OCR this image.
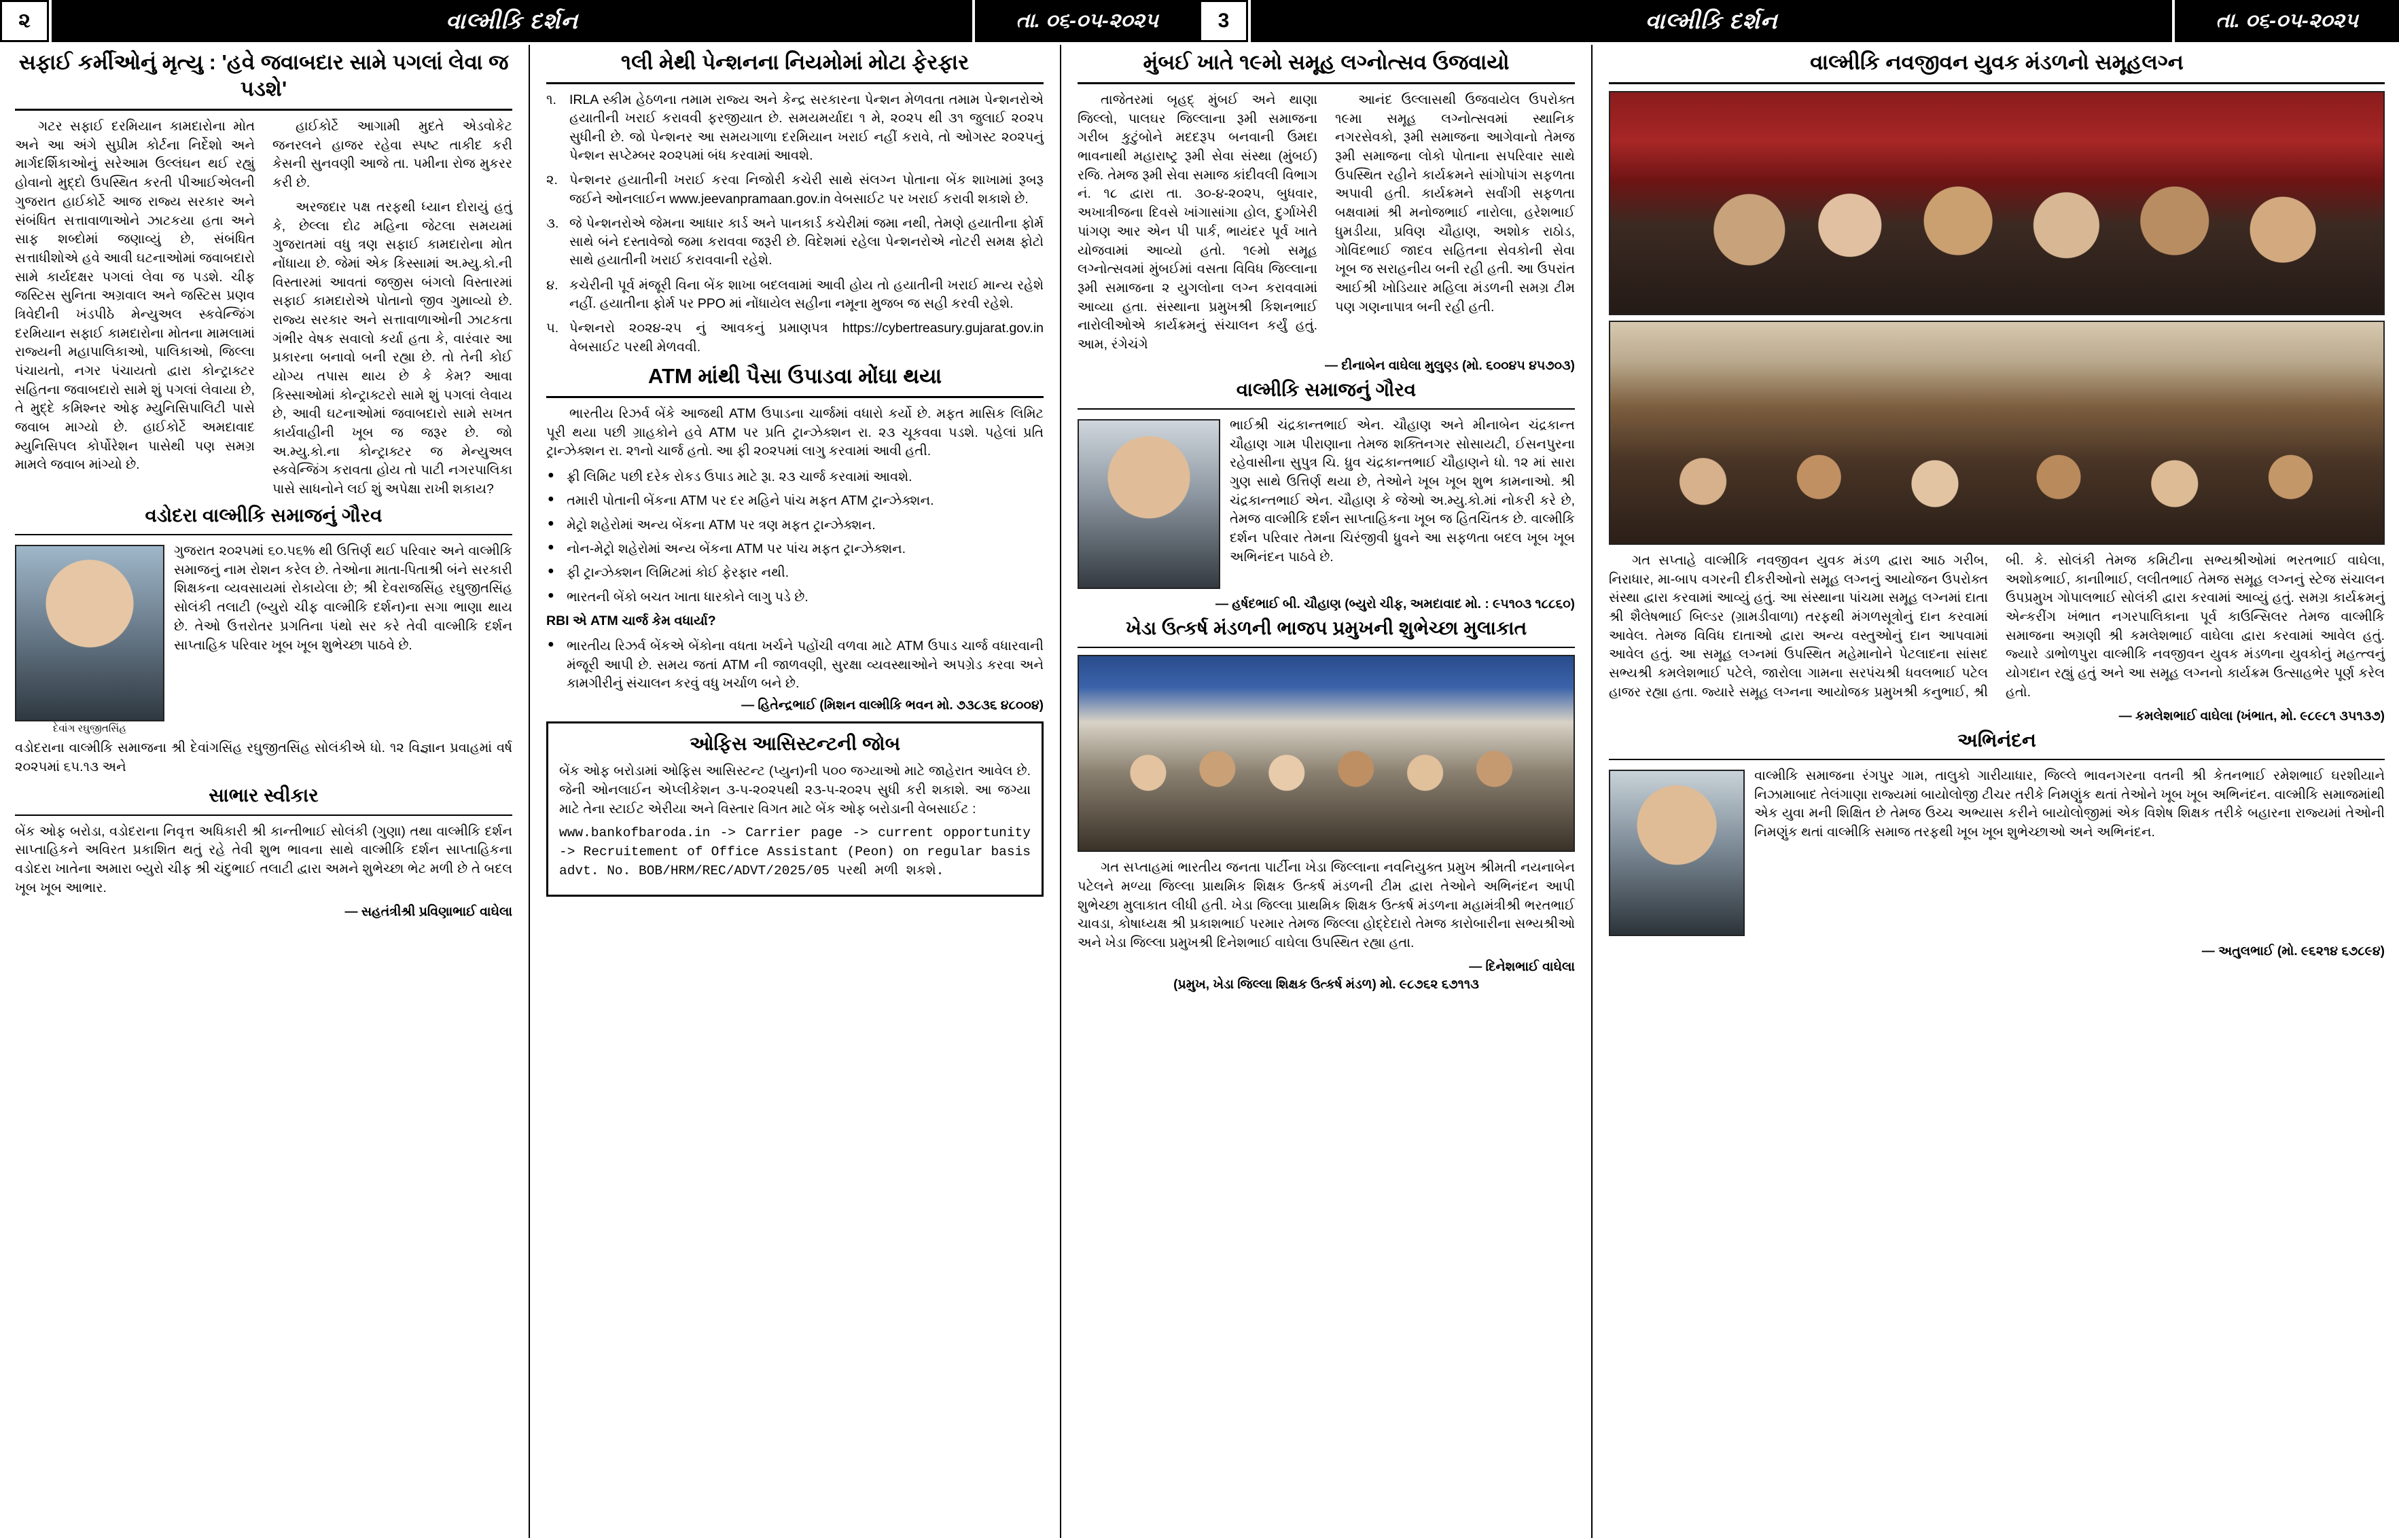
૨	વાલ્મીકિ દર્શન	તા. ૦૬-૦૫-૨૦૨૫	3	વાલ્મીકિ દર્શન	તા. ૦૬-૦૫-૨૦૨૫
સફાઈ કર્મીઓનું મૃત્યુ : 'હવે જવાબદાર સામે પગલાં લેવા જ પડશે'

ગટર સફાઈ દરમિયાન કામદારોના મોત અને આ અંગે સુપ્રીમ કોર્ટના નિર્દેશો અને માર્ગદર્શિકાઓનું સરેઆમ ઉલ્લંઘન થઈ રહ્યું હોવાનો મુદ્દો ઉપસ્થિત કરતી પીઆઈએલની ગુજરાત હાઈકોર્ટે આજ રાજ્ય સરકાર અને સંબંધિત સત્તાવાળાઓને ઝાટકયા હતા અને સાફ શબ્દોમાં જણાવ્યું છે, સંબંધિત સત્તાધીશોએ હવે આવી ઘટનાઓમાં જવાબદારો સામે કાર્યદક્ષર પગલાં લેવા જ પડશે. ચીફ જસ્ટિસ સુનિતા અગ્રવાલ અને જસ્ટિસ પ્રણવ ત્રિવેદીની ખંડપીઠે મેન્યુઅલ સ્કવેન્જિંગ દરમિયાન સફાઈ કામદારોના મોતના મામલામાં રાજ્યની મહાપાલિકાઓ, પાલિકાઓ, જિલ્લા પંચાયતો, નગર પંચાયતો દ્વારા કોન્ટ્રાક્ટર સહિતના જવાબદારો સામે શું પગલાં લેવાયા છે, તે મુદ્દે કમિશ્નર ઓફ મ્યુનિસિપાલિટી પાસે જવાબ માગ્યો છે. હાઈકોર્ટે અમદાવાદ મ્યુનિસિપલ કોર્પોરેશન પાસેથી પણ સમગ્ર મામલે જવાબ માંગ્યો છે.

હાઈકોર્ટે આગામી મુદતે એડવોકેટ જનરલને હાજર રહેવા સ્પષ્ટ તાકીદ કરી કેસની સુનવણી આજે તા. પમીના રોજ મુકરર કરી છે.

અરજદાર પક્ષ તરફથી ધ્યાન દોરાયું હતું કે, છેલ્લા દોઢ મહિના જેટલા સમયમાં ગુજરાતમાં વધુ ત્રણ સફાઈ કામદારોના મોત નોંધાયા છે. જેમાં એક કિસ્સામાં અ.મ્યુ.કો.ની વિસ્તારમાં આવતાં જજીસ બંગલો વિસ્તારમાં સફાઈ કામદારોએ પોતાનો જીવ ગુમાવ્યો છે. રાજ્ય સરકાર અને સત્તાવાળાઓની ઝાટકતા ગંભીર વેષક સવાલો કર્યા હતા કે, વારંવાર આ પ્રકારના બનાવો બની રહ્યા છે. તો તેની કોઈ યોગ્ય તપાસ થાય છે કે કેમ? આવા કિસ્સાઓમાં કોન્ટ્રાક્ટરો સામે શું પગલાં લેવાય છે, આવી ઘટનાઓમાં જવાબદારો સામે સખત કાર્યવાહીની ખૂબ જ જરૂર છે. જો અ.મ્યુ.કો.ના કોન્ટ્રાક્ટર જ મેન્યુઅલ સ્કવેન્જિંગ કરાવતા હોય તો પાટી નગરપાલિકા પાસે સાધનોને લઈ શું અપેક્ષા રાખી શકાય?

વડોદરા વાલ્મીકિ સમાજનું ગૌરવ
દેવાંગ રઘુજીતસિંહ

ગુજરાત ૨૦૨૫માં ૬૦.૫૬% થી ઉત્તિર્ણ થઈ પરિવાર અને વાલ્મીકિ સમાજનું નામ રોશન કરેલ છે. તેઓના માતા-પિતાશ્રી બંને સરકારી શિક્ષકના વ્યવસાયમાં રોકાયેલા છે; શ્રી દેવરાજસિંહ રઘુજીતસિંહ સોલંકી તલાટી (બ્યુરો ચીફ વાલ્મીકિ દર્શન)ના સગા ભાણા થાય છે. તેઓ ઉત્તરોતર પ્રગતિના પંથો સર કરે તેવી વાલ્મીકિ દર્શન સાપ્તાહિક પરિવાર ખૂબ ખૂબ શુભેચ્છા પાઠવે છે.

વડોદરાના વાલ્મીકિ સમાજના શ્રી દેવાંગસિંહ રઘુજીતસિંહ સોલંકીએ ધો. ૧૨ વિજ્ઞાન પ્રવાહમાં વર્ષ ૨૦૨૫માં ૬૫.૧૩ અને

સાભાર સ્વીકાર

બેંક ઓફ બરોડા, વડોદરાના નિવૃત્ત અધિકારી શ્રી કાન્તીભાઈ સોલંકી (ગુણા) તથા વાલ્મીકિ દર્શન સાપ્તાહિકને અવિરત પ્રકાશિત થતું રહે તેવી શુભ ભાવના સાથે વાલ્મીકિ દર્શન સાપ્તાહિકના વડોદરા ખાતેના અમારા બ્યુરો ચીફ શ્રી ચંદુભાઈ તલાટી દ્વારા અમને શુભેચ્છા ભેટ મળી છે તે બદલ ખૂબ ખૂબ આભાર.

— સહતંત્રીશ્રી પ્રવિણાભાઈ વાઘેલા
૧લી મેથી પેન્શનના નિયમોમાં મોટા ફેરફાર
૧. IRLA સ્કીમ હેઠળના તમામ રાજ્ય અને કેન્દ્ર સરકારના પેન્શન મેળવતા તમામ પેન્શનરોએ હયાતીની ખરાઈ કરાવવી ફરજીયાત છે. સમયમર્યાદા ૧ મે, ૨૦૨૫ થી ૩૧ જુલાઈ ૨૦૨૫ સુધીની છે. જો પેન્શનર આ સમયગાળા દરમિયાન ખરાઈ નહીં કરાવે, તો ઓગસ્ટ ૨૦૨૫નું પેન્શન સપ્ટેમ્બર ૨૦૨૫માં બંધ કરવામાં આવશે.
૨. પેન્શનર હયાતીની ખરાઈ કરવા નિજોરી કચેરી સાથે સંલગ્ન પોતાના બેંક શાખામાં રૂબરૂ જઈને ઓનલાઈન www.jeevanpramaan.gov.in વેબસાઈટ પર ખરાઈ કરાવી શકાશે છે.
૩. જે પેન્શનરોએ જેમના આધાર કાર્ડ અને પાનકાર્ડ કચેરીમાં જમા નથી, તેમણે હયાતીના ફોર્મ સાથે બંને દસ્તાવેજો જમા કરાવવા જરૂરી છે. વિદેશમાં રહેલા પેન્શનરોએ નોટરી સમક્ષ ફોટો સાથે હયાતીની ખરાઈ કરાવવાની રહેશે.
૪. કચેરીની પૂર્વ મંજૂરી વિના બેંક શાખા બદલવામાં આવી હોય તો હયાતીની ખરાઈ માન્ય રહેશે નહીં. હયાતીના ફોર્મ પર PPO માં નોંધાયેલ સહીના નમૂના મુજબ જ સહી કરવી રહેશે.
૫. પેન્શનરો ૨૦૨૪-૨૫ નું આવકનું પ્રમાણપત્ર https://cybertreasury.gujarat.gov.in વેબસાઈટ પરથી મેળવવી.
ATM માંથી પૈસા ઉપાડવા મોંઘા થયા

ભારતીય રિઝર્વ બેંકે આજથી ATM ઉપાડના ચાર્જમાં વધારો કર્યો છે. મફત માસિક લિમિટ પૂરી થયા પછી ગ્રાહકોને હવે ATM પર પ્રતિ ટ્રાન્ઝેક્શન રા. ૨૩ ચૂકવવા પડશે. પહેલાં પ્રતિ ટ્રાન્ઝેક્શન રા. ૨૧નો ચાર્જ હતો. આ ફી ૨૦૨૫માં લાગુ કરવામાં આવી હતી.

● ફ્રી લિમિટ પછી દરેક રોકડ ઉપાડ માટે રૂા. ૨૩ ચાર્જ કરવામાં આવશે.
● તમારી પોતાની બેંકના ATM પર દર મહિને પાંચ મફત ATM ટ્રાન્ઝેક્શન.
● મેટ્રો શહેરોમાં અન્ય બેંકના ATM પર ત્રણ મફત ટ્રાન્ઝેક્શન.
● નોન-મેટ્રો શહેરોમાં અન્ય બેંકના ATM પર પાંચ મફત ટ્રાન્ઝેક્શન.
● ફી ટ્રાન્ઝેક્શન લિમિટમાં કોઈ ફેરફાર નથી.
● ભારતની બેંકો બચત ખાતા ધારકોને લાગુ પડે છે.

RBI એ ATM ચાર્જ કેમ વધાર્યા?

● ભારતીય રિઝર્વ બેંકએ બેંકોના વધતા ખર્ચને પહોંચી વળવા માટે ATM ઉપાડ ચાર્જ વધારવાની મંજૂરી આપી છે. સમય જતાં ATM ની જાળવણી, સુરક્ષા વ્યવસ્થાઓને અપગ્રેડ કરવા અને કામગીરીનું સંચાલન કરવું વધુ ખર્ચાળ બને છે.
— હિતેન્દ્રભાઈ (મિશન વાલ્મીકિ ભવન મો. ૭૩૮૩૬ ૪૮૦૦૪)
ઓફિસ આસિસ્ટન્ટની જોબ

બેંક ઓફ બરોડામાં ઓફિસ આસિસ્ટન્ટ (પ્યુન)ની ૫૦૦ જગ્યાઓ માટે જાહેરાત આવેલ છે. જેની ઓનલાઈન એપ્લીકેશન ૩-૫-૨૦૨૫થી ૨૩-૫-૨૦૨૫ સુધી કરી શકાશે. આ જગ્યા માટે તેના સ્ટાઈટ એરીયા અને વિસ્તાર વિગત માટે બેંક ઓફ બરોડાની વેબસાઈટ :

www.bankofbaroda.in -> Carrier page -> current opportunity -> Recruitement of Office Assistant (Peon) on regular basis advt. No. BOB/HRM/REC/ADVT/2025/05 પરથી મળી શકશે.

મુંબઈ ખાતે ૧૯મો સમૂહ લગ્નોત્સવ ઉજવાયો

તાજેતરમાં બૃહદ્ મુંબઈ અને થાણા જિલ્લો, પાલઘર જિલ્લાના રૂમી સમાજના ગરીબ કુટુંબોને મદદરૂપ બનવાની ઉમદા ભાવનાથી મહારાષ્ટ્ર રૂમી સેવા સંસ્થા (મુંબઈ) રજિ. તેમજ રૂમી સેવા સમાજ કાંદીવલી વિભાગ નં. ૧૮ દ્વારા તા. ૩૦-૪-૨૦૨૫, બુધવાર, અખાત્રીજના દિવસે ખાંગાસાંગા હોલ, દુર્ગાખેરી પાંગણ આર એન પી પાર્ક, ભાયંદર પૂર્વ ખાતે યોજવામાં આવ્યો હતો. ૧૯મો સમૂહ લગ્નોત્સવમાં મુંબઈમાં વસતા વિવિધ જિલ્લાના રૂમી સમાજના ૨ યુગલોના લગ્ન કરાવવામાં આવ્યા હતા. સંસ્થાના પ્રમુખશ્રી કિશનભાઈ નારોલીઓએ કાર્યક્રમનું સંચાલન કર્યું હતું. આમ, રંગેચંગે

આનંદ ઉલ્લાસથી ઉજવાયેલ ઉપરોક્ત ૧૯મા સમૂહ લગ્નોત્સવમાં સ્થાનિક નગરસેવકો, રૂમી સમાજના આગેવાનો તેમજ રૂમી સમાજના લોકો પોતાના સપરિવાર સાથે ઉપસ્થિત રહીને કાર્યક્રમને સાંગોપાંગ સફળતા અપાવી હતી. કાર્યક્રમને સર્વાંગી સફળતા બક્ષવામાં શ્રી મનોજભાઈ નારોલા, હરેશભાઈ ધુમડીયા, પ્રવિણ ચૌહાણ, અશોક રાઠોડ, ગોવિંદભાઈ જાદવ સહિતના સેવકોની સેવા ખૂબ જ સરાહનીય બની રહી હતી. આ ઉપરાંત આઈશ્રી ખોડિયાર મહિલા મંડળની સમગ્ર ટીમ પણ ગણનાપાત્ર બની રહી હતી.

— દીનાબેન વાઘેલા મુલુણ્ડ (મો. ૬૦૦૪૫ ૪૫૭૦૩)
વાલ્મીકિ સમાજનું ગૌરવ

ભાઈશ્રી ચંદ્રકાન્તભાઈ એન. ચૌહાણ અને મીનાબેન ચંદ્રકાન્ત ચૌહાણ ગામ પીરાણાના તેમજ શક્તિનગર સોસાયટી, ઈસનપુરના રહેવાસીના સુપુત્ર ચિ. ધ્રુવ ચંદ્રકાન્તભાઈ ચૌહાણને ધો. ૧૨ માં સારા ગુણ સાથે ઉત્તિર્ણ થયા છે, તેઓને ખૂબ ખૂબ શુભ કામનાઓ. શ્રી ચંદ્રકાન્તભાઈ એન. ચૌહાણ કે જેઓ અ.મ્યુ.કો.માં નોકરી કરે છે, તેમજ વાલ્મીકિ દર્શન સાપ્તાહિકના ખૂબ જ હિતચિંતક છે. વાલ્મીકિ દર્શન પરિવાર તેમના ચિરંજીવી ધ્રુવને આ સફળતા બદલ ખૂબ ખૂબ અભિનંદન પાઠવે છે.

— હર્ષદભાઈ બી. ચૌહાણ (બ્યુરો ચીફ, અમદાવાદ મો. : ૯૫૧૦૩ ૧૮૮૬૦)
ખેડા ઉત્કર્ષ મંડળની ભાજપ પ્રમુખની શુભેચ્છા મુલાકાત

ગત સપ્તાહમાં ભારતીય જનતા પાર્ટીના ખેડા જિલ્લાના નવનિયુક્ત પ્રમુખ શ્રીમતી નયનાબેન પટેલને મળ્યા જિલ્લા પ્રાથમિક શિક્ષક ઉત્કર્ષ મંડળની ટીમ દ્વારા તેઓને અભિનંદન આપી શુભેચ્છા મુલાકાત લીધી હતી. ખેડા જિલ્લા પ્રાથમિક શિક્ષક ઉત્કર્ષ મંડળના મહામંત્રીશ્રી ભરતભાઈ ચાવડા, કોષાધ્યક્ષ શ્રી પ્રકાશભાઈ પરમાર તેમજ જિલ્લા હોદ્દેદારો તેમજ કારોબારીના સભ્યશ્રીઓ અને ખેડા જિલ્લા પ્રમુખશ્રી દિનેશભાઈ વાઘેલા ઉપસ્થિત રહ્યા હતા.

— દિનેશભાઈ વાઘેલા
(પ્રમુખ, ખેડા જિલ્લા શિક્ષક ઉત્કર્ષ મંડળ) મો. ૯૮૭૬૨ ૬૭૧૧૩
વાલ્મીકિ નવજીવન યુવક મંડળનો સમૂહલગ્ન

ગત સપ્તાહે વાલ્મીકિ નવજીવન યુવક મંડળ દ્વારા આઠ ગરીબ, નિરાધાર, મા-બાપ વગરની દીકરીઓનો સમૂહ લગ્નનું આયોજન ઉપરોક્ત સંસ્થા દ્વારા કરવામાં આવ્યું હતું. આ સંસ્થાના પાંચમા સમૂહ લગ્નમાં દાતા શ્રી શૈલેષભાઈ બિલ્ડર (ગ્રામડીવાળા) તરફથી મંગળસૂત્રોનું દાન કરવામાં આવેલ. તેમજ વિવિધ દાતાઓ દ્વારા અન્ય વસ્તુઓનું દાન આપવામાં આવેલ હતું. આ સમૂહ લગ્નમાં ઉપસ્થિત મહેમાનોને પેટલાદના સાંસદ સભ્યશ્રી કમલેશભાઈ પટેલે, જારોલા ગામના સરપંચશ્રી ધવલભાઈ પટેલ હાજર રહ્યા હતા. જ્યારે સમૂહ લગ્નના આયોજક પ્રમુખશ્રી કનુભાઈ, શ્રી બી. કે. સોલંકી તેમજ કમિટીના સભ્યશ્રીઓમાં ભરતભાઈ વાઘેલા, અશોકભાઈ, કાનાીભાઈ, લલીતભાઈ તેમજ સમૂહ લગ્નનું સ્ટેજ સંચાલન ઉપપ્રમુખ ગોપાલભાઈ સોલંકી દ્વારા કરવામાં આવ્યું હતું. સમગ્ર કાર્યક્રમનું એન્કરીંગ ખંભાત નગરપાલિકાના પૂર્વ કાઉન્સિલર તેમજ વાલ્મીકિ સમાજના અગ્રણી શ્રી કમલેશભાઈ વાઘેલા દ્વારા કરવામાં આવેલ હતું. જ્યારે ડાભોળપુરા વાલ્મીકિ નવજીવન યુવક મંડળના યુવકોનું મહત્ત્વનું યોગદાન રહ્યું હતું અને આ સમૂહ લગ્નનો કાર્યક્રમ ઉત્સાહભેર પૂર્ણ કરેલ હતો.

— કમલેશભાઈ વાઘેલા (ખંભાત, મો. ૯૮૯૮૧ ૩૫૧૩૭)
અભિનંદન

વાલ્મીકિ સમાજના રંગપુર ગામ, તાલુકો ગારીયાધાર, જિલ્લે ભાવનગરના વતની શ્રી કેતનભાઈ રમેશભાઈ ઘરશીયાને નિઝામાબાદ તેલંગાણા રાજ્યમાં બાયોલોજી ટીચર તરીકે નિમણુંક થતાં તેઓને ખૂબ ખૂબ અભિનંદન. વાલ્મીકિ સમાજમાંથી એક યુવા મની શિક્ષિત છે તેમજ ઉચ્ચ અભ્યાસ કરીને બાયોલોજીમાં એક વિશેષ શિક્ષક તરીકે બહારના રાજ્યમાં તેઓની નિમણુંક થતાં વાલ્મીકિ સમાજ તરફથી ખૂબ ખૂબ શુભેચ્છાઓ અને અભિનંદન.

— અતુલભાઈ (મો. ૯૬૨૧૪ ૬૭૮૯૪)
